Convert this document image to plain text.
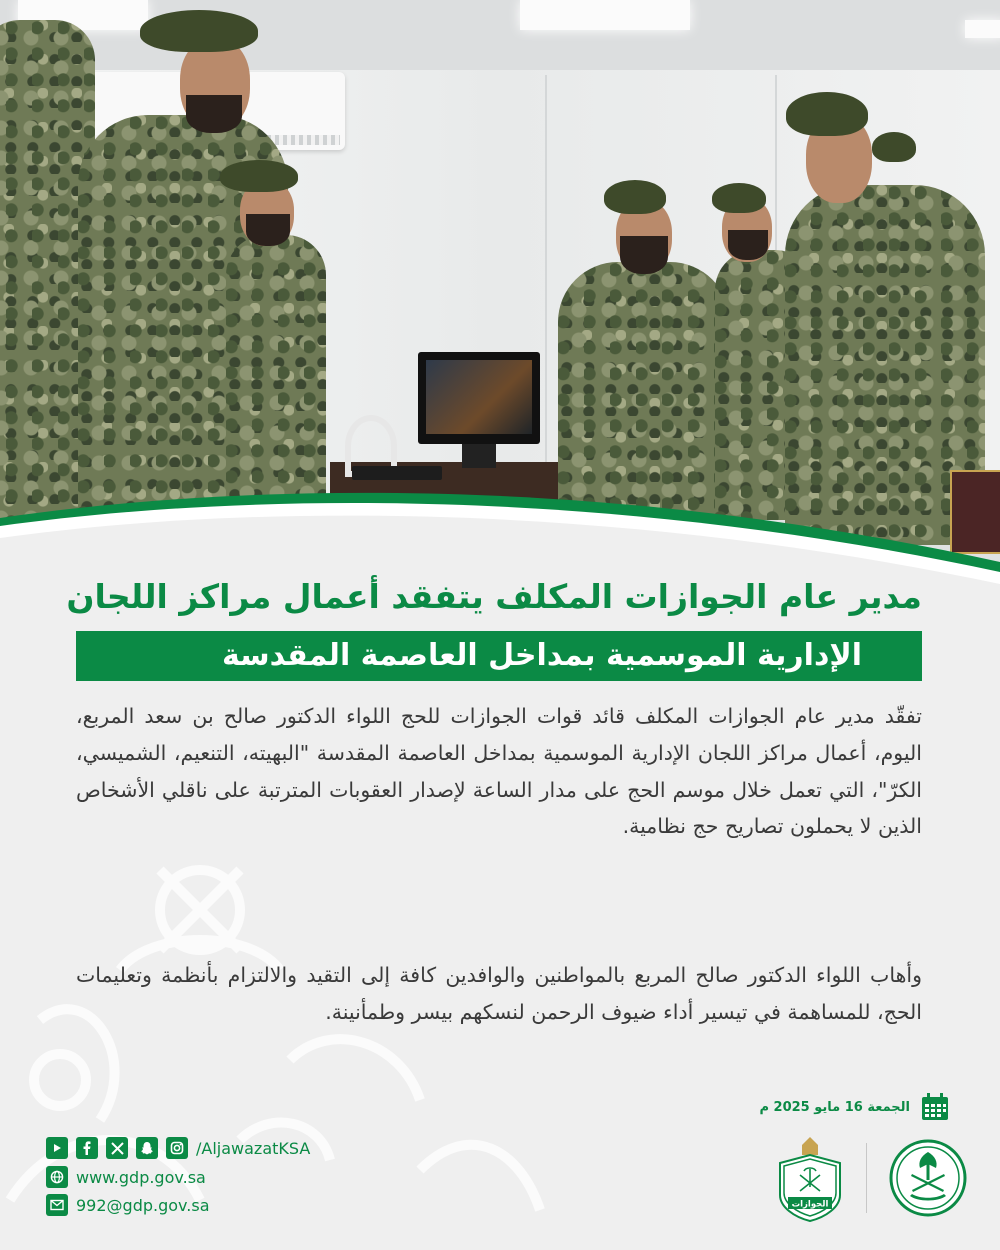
مدير عام الجوازات المكلف يتفقد أعمال مراكز اللجان
الإدارية الموسمية بمداخل العاصمة المقدسة
تفقّد مدير عام الجوازات المكلف قائد قوات الجوازات للحج اللواء الدكتور صالح بن سعد المربع، اليوم، أعمال مراكز اللجان الإدارية الموسمية بمداخل العاصمة المقدسة "البهيته، التنعيم، الشميسي، الكرّ"، التي تعمل خلال موسم الحج على مدار الساعة لإصدار العقوبات المترتبة على ناقلي الأشخاص الذين لا يحملون تصاريح حج نظامية.
وأهاب اللواء الدكتور صالح المربع بالمواطنين والوافدين كافة إلى التقيد والالتزام بأنظمة وتعليمات الحج، للمساهمة في تيسير أداء ضيوف الرحمن لنسكهم بيسر وطمأنينة.
الجمعة 16 مايو 2025 م
/AljawazatKSA
www.gdp.gov.sa
992@gdp.gov.sa	الجوازات
